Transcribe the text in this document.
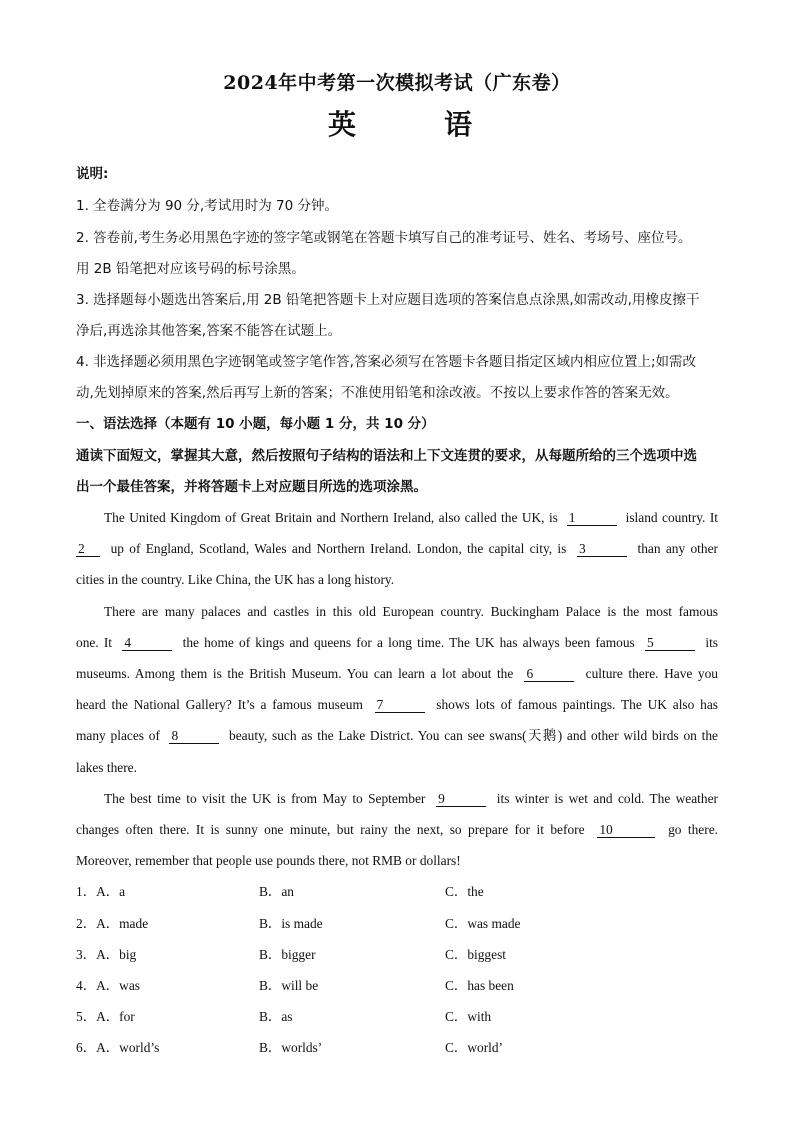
2024年中考第一次模拟考试（广东卷）
英　语
说明:
1. 全卷满分为 90 分,考试用时为 70 分钟。
2. 答卷前,考生务必用黑色字迹的签字笔或钢笔在答题卡填写自己的准考证号、姓名、考场号、座位号。
用 2B 铅笔把对应该号码的标号涂黑。
3. 选择题每小题选出答案后,用 2B 铅笔把答题卡上对应题目选项的答案信息点涂黑,如需改动,用橡皮擦干
净后,再选涂其他答案,答案不能答在试题上。
4. 非选择题必须用黑色字迹钢笔或签字笔作答,答案必须写在答题卡各题目指定区域内相应位置上;如需改
动,先划掉原来的答案,然后再写上新的答案；不准使用铅笔和涂改液。不按以上要求作答的答案无效。
一、语法选择（本题有 10 小题，每小题 1 分，共 10 分）
通读下面短文，掌握其大意，然后按照句子结构的语法和上下文连贯的要求，从每题所给的三个选项中选
出一个最佳答案，并将答题卡上对应题目所选的选项涂黑。
The United Kingdom of Great Britain and Northern Ireland, also called the UK, is 1	island country. It
2 up of England, Scotland, Wales and Northern Ireland. London, the capital city, is 3	than any other
cities in the country. Like China, the UK has a long history.
There are many palaces and castles in this old European country. Buckingham Palace is the most famous
one. It 4	the home of kings and queens for a long time. The UK has always been famous 5	its
museums. Among them is the British Museum. You can learn a lot about the 6	culture there. Have you
heard the National Gallery? It’s a famous museum 7	shows lots of famous paintings. The UK also has
many places of 8	beauty, such as the Lake District. You can see swans(天鹅) and other wild birds on the
lakes there.
The best time to visit the UK is from May to September 9	its winter is wet and cold. The weather
changes often there. It is sunny one minute, but rainy the next, so prepare for it before 10	go there.
Moreover, remember that people use pounds there, not RMB or dollars!
1．A．a	B．an	C．the
2．A．made	B．is made	C．was made
3．A．big	B．bigger	C．biggest
4．A．was	B．will be	C．has been
5．A．for	B．as	C．with
6．A．world’s	B．worlds’	C．world’
